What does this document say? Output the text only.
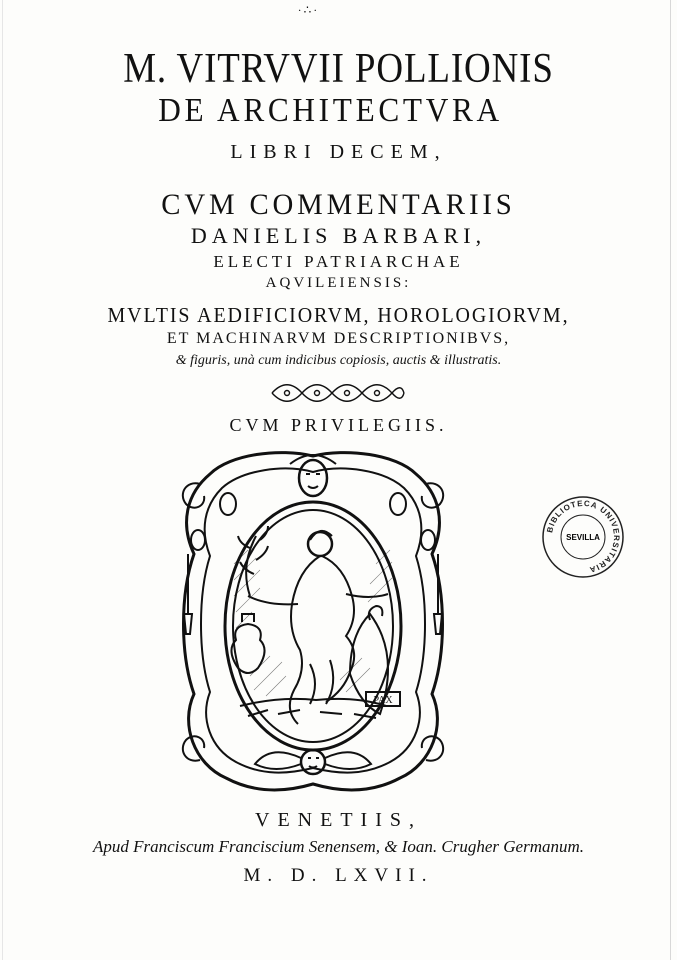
·∴·
M. VITRVVII POLLIONIS
DE ARCHITECTVRA
LIBRI DECEM,
CVM COMMENTARIIS
DANIELIS BARBARI,
ELECTI PATRIARCHAE
AQVILEIENSIS:
MVLTIS AEDIFICIORVM, HOROLOGIORVM,
ET MACHINARVM DESCRIPTIONIBVS,
& figuris, unà cum indicibus copiosis, auctis & illustratis.
CVM PRIVILEGIIS.
PAX
BIBLIOTECA UNIVERSITARIA
SEVILLA
VENETIIS,
Apud Franciscum Franciscium Senensem, & Ioan. Crugher Germanum.
M. D. LXVII.
